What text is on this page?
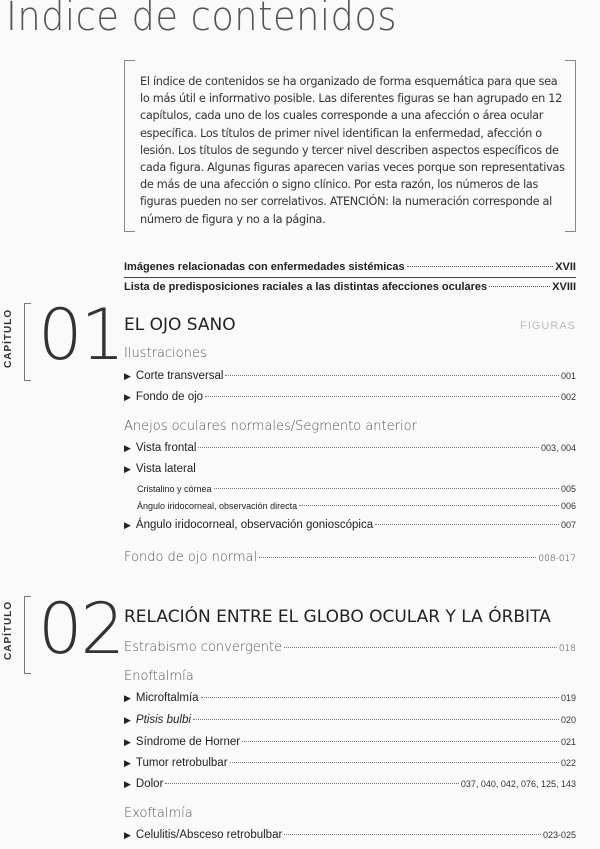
Indice de contenidos

El índice de contenidos se ha organizado de forma esquemática para que sea lo más útil e informativo posible. Las diferentes figuras se han agrupado en 12 capítulos, cada uno de los cuales corresponde a una afección o área ocular específica. Los títulos de primer nivel identifican la enfermedad, afección o lesión. Los títulos de segundo y tercer nivel describen aspectos específicos de cada figura. Algunas figuras aparecen varias veces porque son representativas de más de una afección o signo clínico. Por esta razón, los números de las figuras pueden no ser correlativos. ATENCIÓN: la numeración corresponde al número de figura y no a la página.

Imágenes relacionadas con enfermedades sistémicas	XVII
Lista de predisposiciones raciales a las distintas afecciones oculares	XVIII
CAPÍTULO 01 EL OJO SANO	FIGURAS
Ilustraciones
▶ Corte transversal	001
▶ Fondo de ojo	002
Anejos oculares normales/Segmento anterior
▶ Vista frontal	003, 004
▶ Vista lateral
Cristalino y córnea	005
Ángulo iridocorneal, observación directa	006
▶ Ángulo iridocorneal, observación gonioscópica	007
Fondo de ojo normal	008-017
CAPÍTULO 02 RELACIÓN ENTRE EL GLOBO OCULAR Y LA ÓRBITA
Estrabismo convergente	018
Enoftalmía
▶ Microftalmía	019
▶ Ptisis bulbi	020
▶ Síndrome de Horner	021
▶ Tumor retrobulbar	022
▶ Dolor	037, 040, 042, 076, 125, 143
Exoftalmía
▶ Celulitis/Absceso retrobulbar	023-025
